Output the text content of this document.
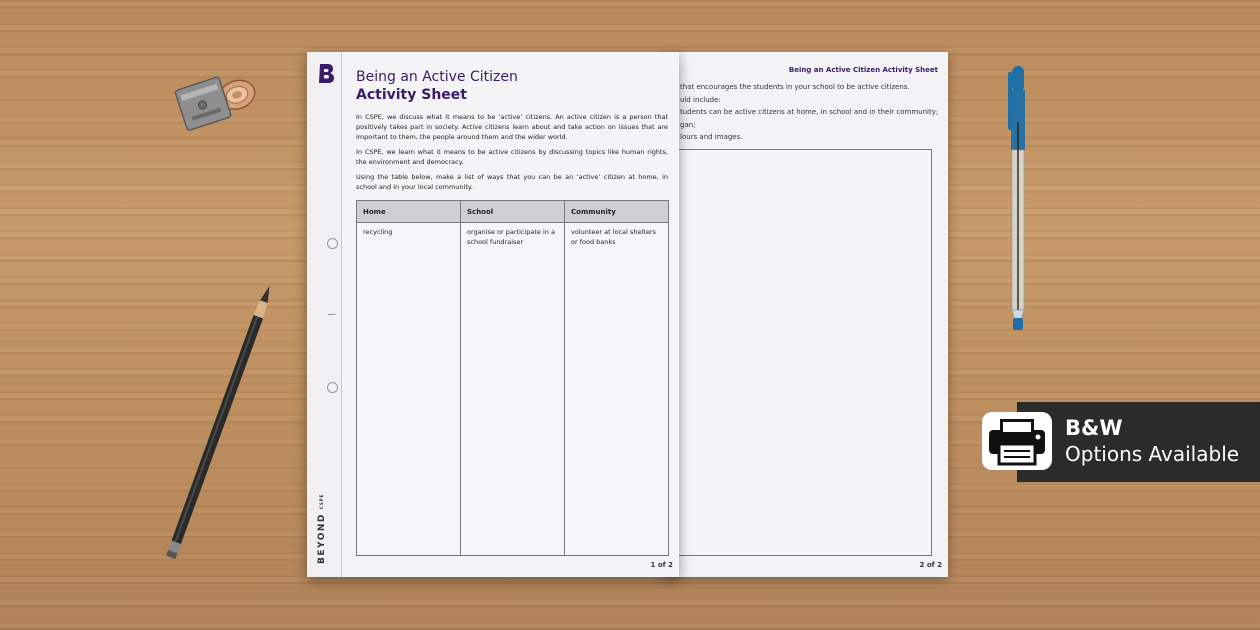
Being an Active Citizen Activity Sheet
that encourages the students in your school to be active citizens.
uld include:
tudents can be active citizens at home, in school and in their community;
gan;
lours and images.
2 of 2
BEYONDCSPE
Being an Active Citizen
Activity Sheet

In CSPE, we discuss what it means to be ‘active’ citizens. An active citizen is a person that positively takes part in society. Active citizens learn about and take action on issues that are important to them, the people around them and the wider world.

In CSPE, we learn what it means to be active citizens by discussing topics like human rights, the environment and democracy.

Using the table below, make a list of ways that you can be an ‘active’ citizen at home, in school and in your local community.

Home	School	Community
recycling	organise or participate in a school fundraiser	volunteer at local shelters or food banks
1 of 2
B&W
Options Available
